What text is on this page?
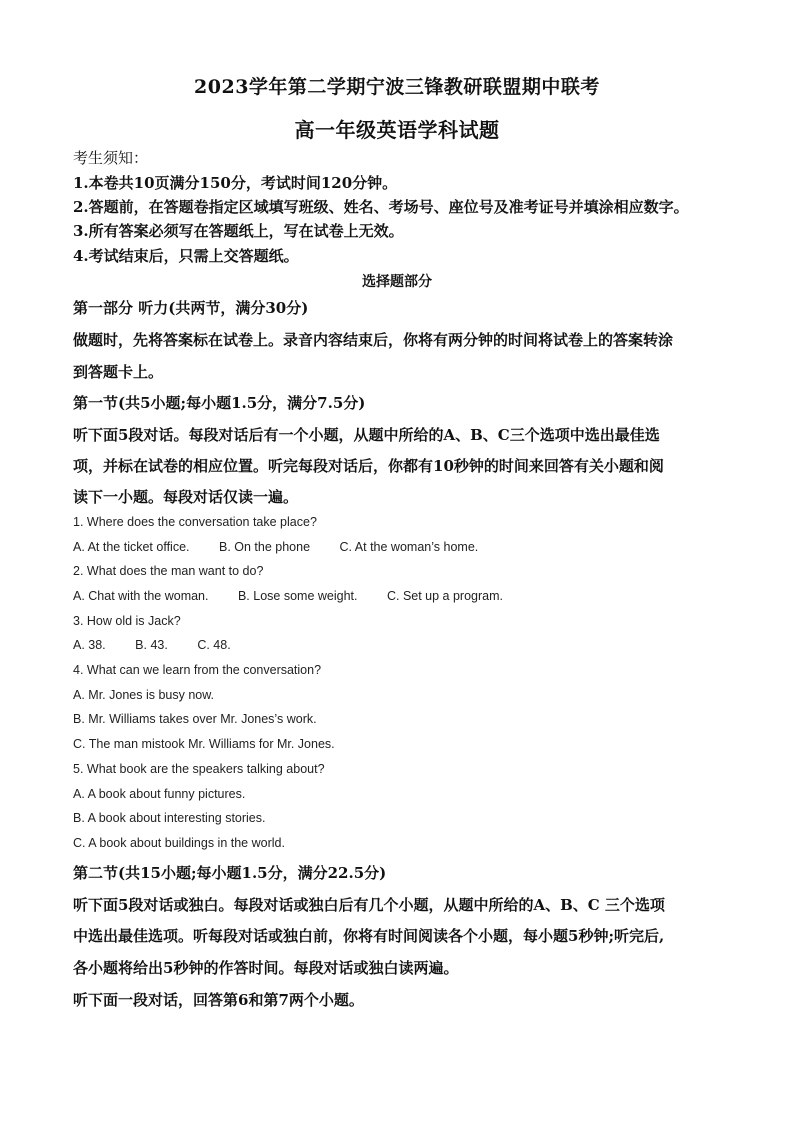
2023学年第二学期宁波三锋教研联盟期中联考
高一年级英语学科试题
考生须知：
1.本卷共10页满分150分，考试时间120分钟。
2.答题前，在答题卷指定区域填写班级、姓名、考场号、座位号及准考证号并填涂相应数字。
3.所有答案必须写在答题纸上，写在试卷上无效。
4.考试结束后，只需上交答题纸。
选择题部分
第一部分 听力(共两节，满分30分)
做题时，先将答案标在试卷上。录音内容结束后，你将有两分钟的时间将试卷上的答案转涂
到答题卡上。
第一节(共5小题;每小题1.5分，满分7.5分)
听下面5段对话。每段对话后有一个小题，从题中所给的A、B、C三个选项中选出最佳选
项，并标在试卷的相应位置。听完每段对话后，你都有10秒钟的时间来回答有关小题和阅
读下一小题。每段对话仅读一遍。
1. Where does the conversation take place?
A. At the ticket office. B. On the phone C. At the woman’s home.
2. What does the man want to do?
A. Chat with the woman. B. Lose some weight. C. Set up a program.
3. How old is Jack?
A. 38. B. 43. C. 48.
4. What can we learn from the conversation?
A. Mr. Jones is busy now.
B. Mr. Williams takes over Mr. Jones’s work.
C. The man mistook Mr. Williams for Mr. Jones.
5. What book are the speakers talking about?
A. A book about funny pictures.
B. A book about interesting stories.
C. A book about buildings in the world.
第二节(共15小题;每小题1.5分，满分22.5分)
听下面5段对话或独白。每段对话或独白后有几个小题，从题中所给的A、B、C 三个选项
中选出最佳选项。听每段对话或独白前，你将有时间阅读各个小题，每小题5秒钟;听完后,
各小题将给出5秒钟的作答时间。每段对话或独白读两遍。
听下面一段对话，回答第6和第7两个小题。
